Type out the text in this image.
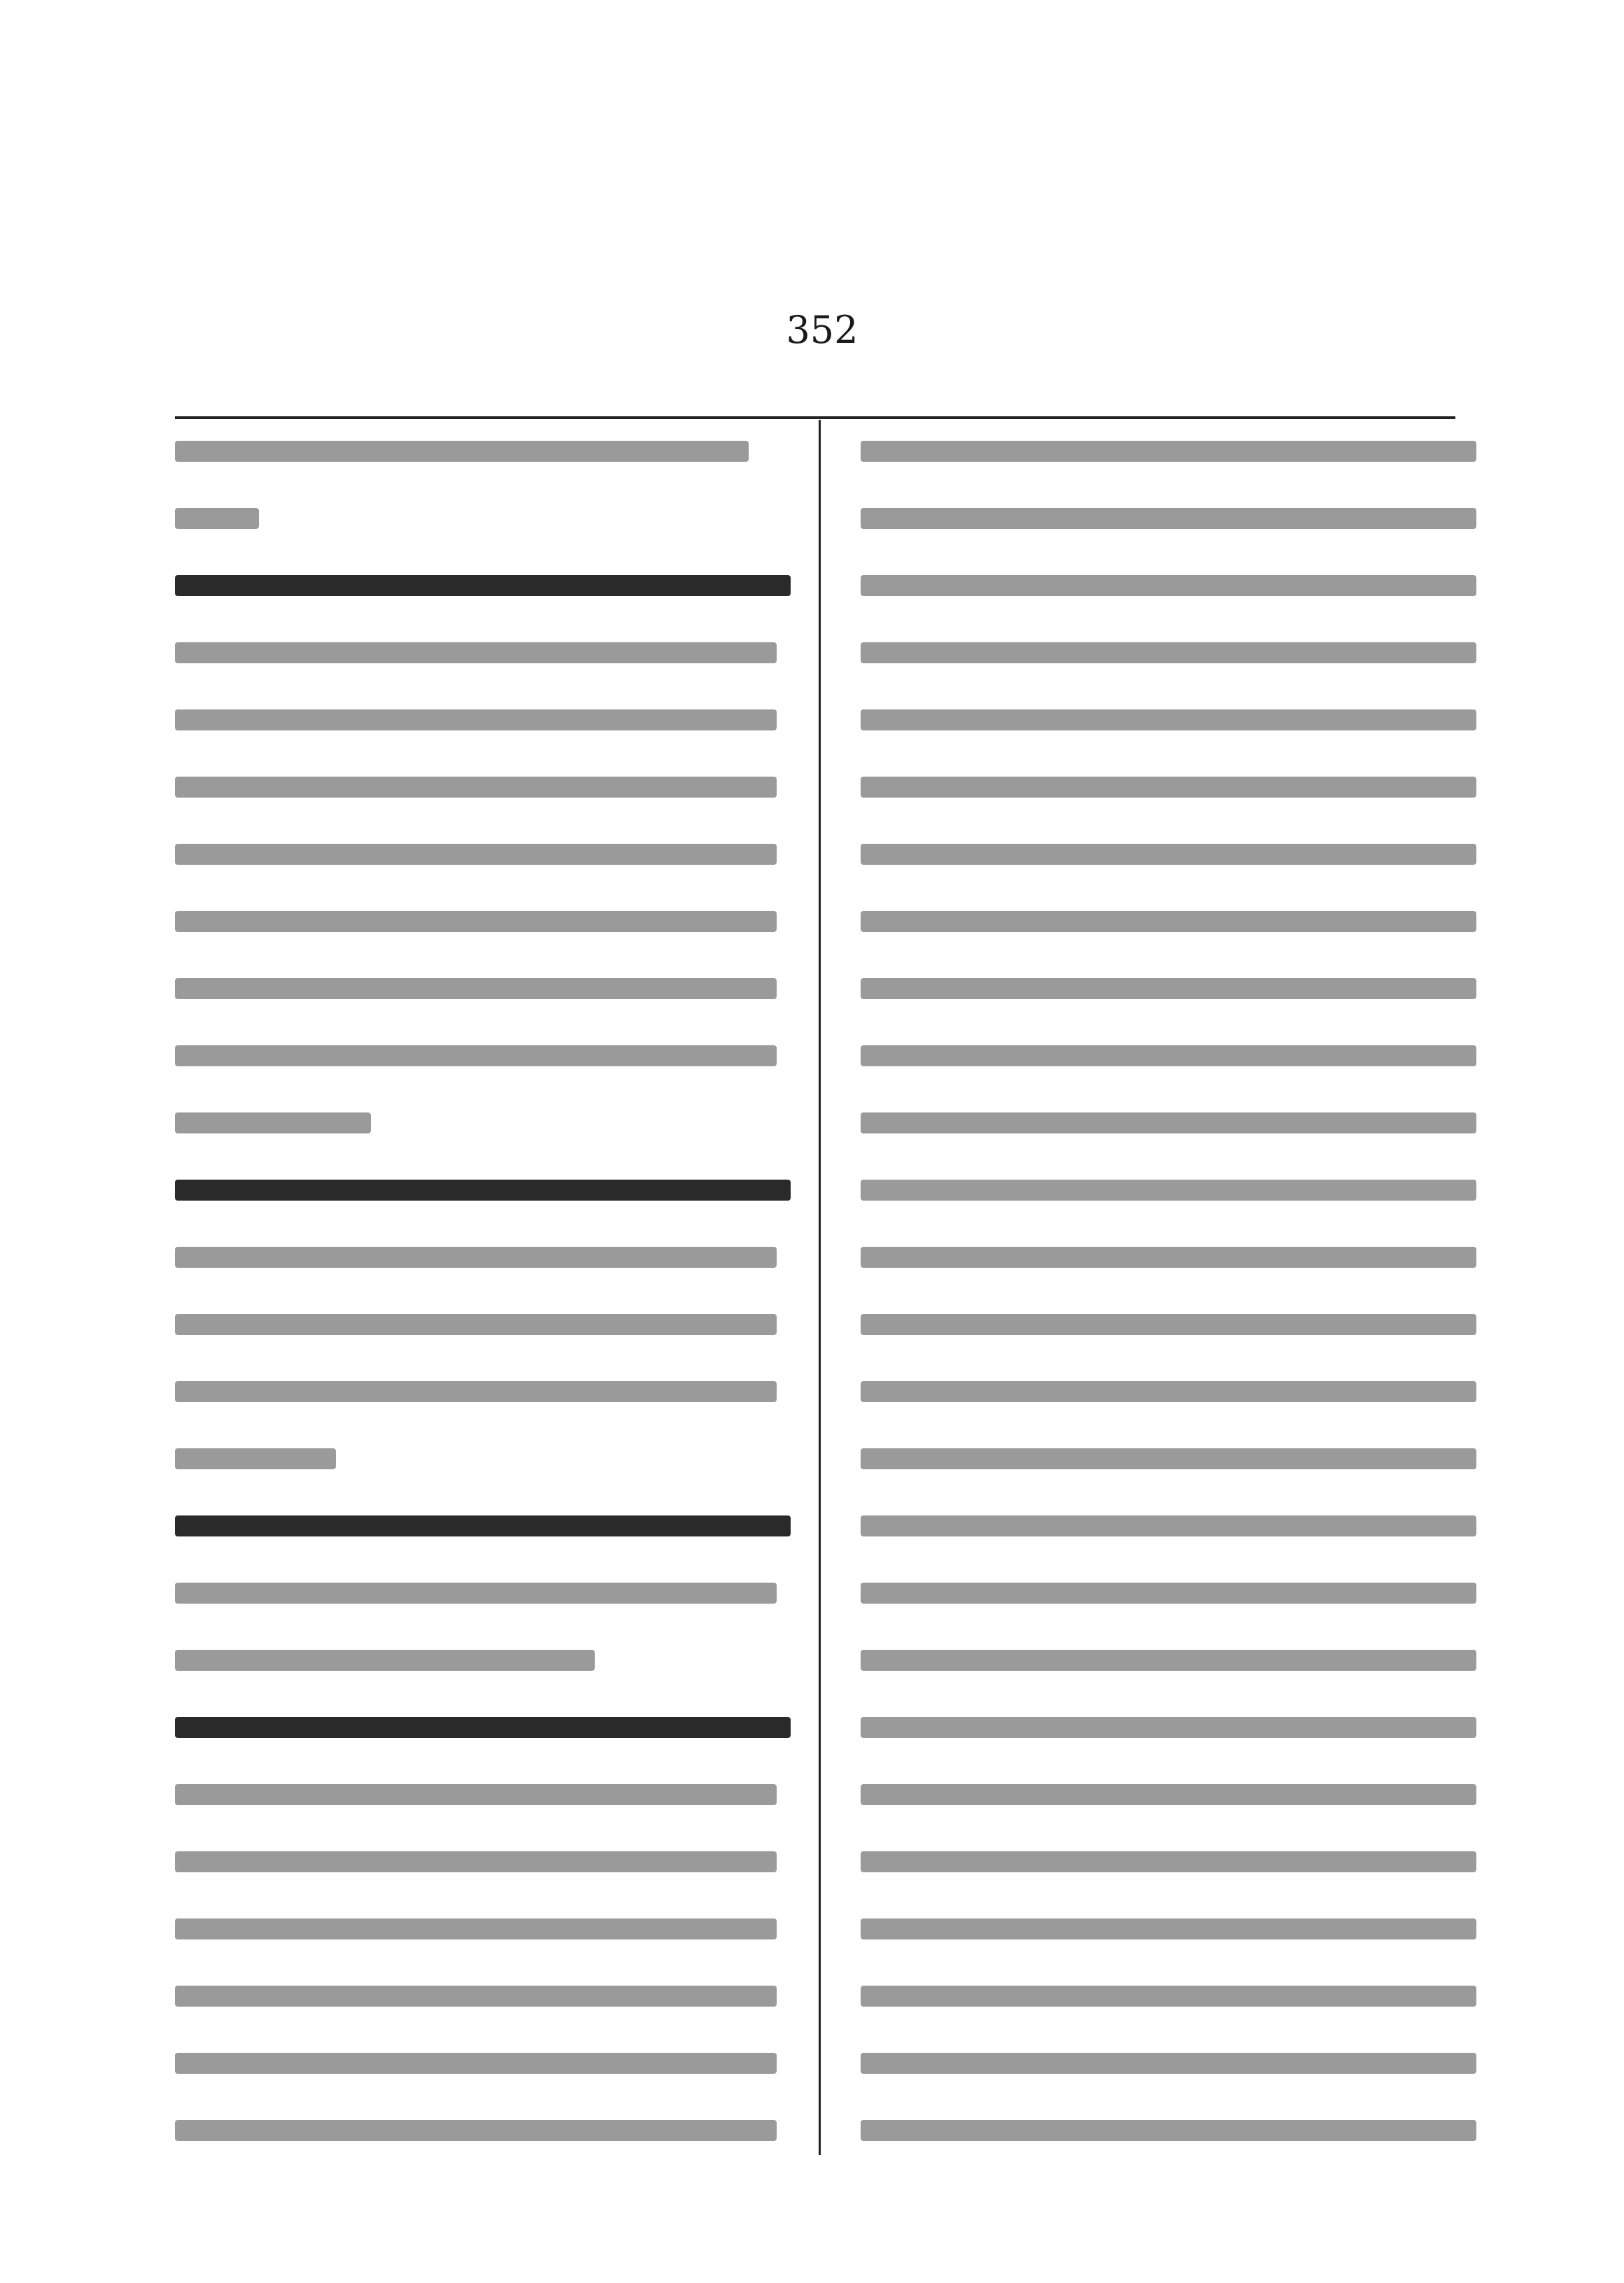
352
